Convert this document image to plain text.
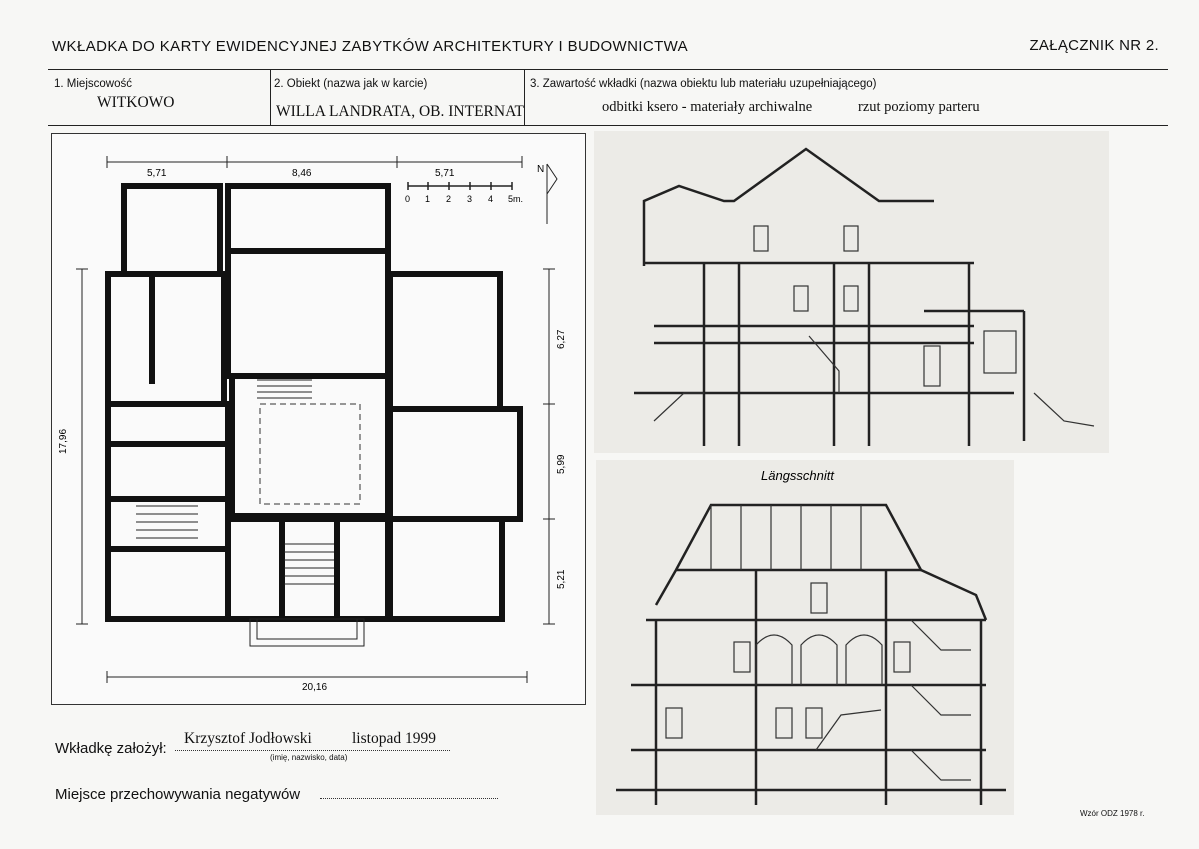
WKŁADKA DO KARTY EWIDENCYJNEJ ZABYTKÓW ARCHITEKTURY I BUDOWNICTWA	ZAŁĄCZNIK NR 2.
1. Miejscowość
WITKOWO
2. Obiekt (nazwa jak w karcie)
WILLA LANDRATA, OB. INTERNAT
3. Zawartość wkładki (nazwa obiektu lub materiału uzupełniającego)
odbitki ksero - materiały archiwalne	rzut poziomy parteru
5,71	8,46	5,71
0 1 2 3 4 5m.
N
17,96
6,27
5,99
5,21
20,16
Längsschnitt
Wkładkę założył:
Krzysztof Jodłowski	listopad 1999
(imię, nazwisko, data)
Miejsce przechowywania negatywów
Wzór ODZ 1978 r.
